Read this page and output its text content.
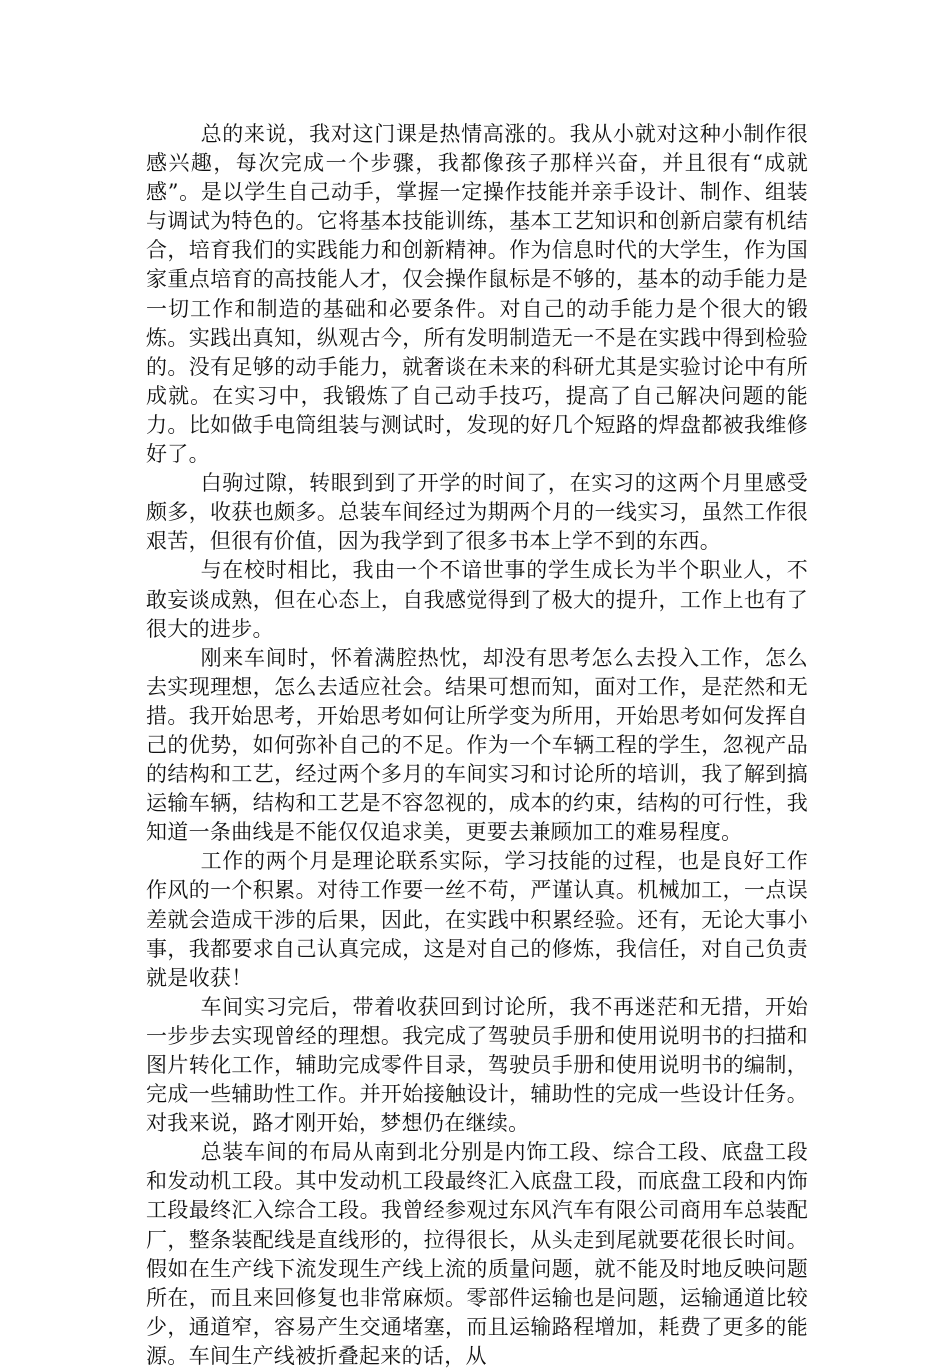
总的来说，我对这门课是热情高涨的。我从小就对这种小制作很感兴趣，每次完成一个步骤，我都像孩子那样兴奋，并且很有“成就感”。是以学生自己动手，掌握一定操作技能并亲手设计、制作、组装与调试为特色的。它将基本技能训练，基本工艺知识和创新启蒙有机结合，培育我们的实践能力和创新精神。作为信息时代的大学生，作为国家重点培育的高技能人才，仅会操作鼠标是不够的，基本的动手能力是一切工作和制造的基础和必要条件。对自己的动手能力是个很大的锻炼。实践出真知，纵观古今，所有发明制造无一不是在实践中得到检验的。没有足够的动手能力，就奢谈在未来的科研尤其是实验讨论中有所成就。在实习中，我锻炼了自己动手技巧，提高了自己解决问题的能力。比如做手电筒组装与测试时，发现的好几个短路的焊盘都被我维修好了。

白驹过隙，转眼到到了开学的时间了，在实习的这两个月里感受颇多，收获也颇多。总装车间经过为期两个月的一线实习，虽然工作很艰苦，但很有价值，因为我学到了很多书本上学不到的东西。

与在校时相比，我由一个不谙世事的学生成长为半个职业人，不敢妄谈成熟，但在心态上，自我感觉得到了极大的提升，工作上也有了很大的进步。

刚来车间时，怀着满腔热忱，却没有思考怎么去投入工作，怎么去实现理想，怎么去适应社会。结果可想而知，面对工作，是茫然和无措。我开始思考，开始思考如何让所学变为所用，开始思考如何发挥自己的优势，如何弥补自己的不足。作为一个车辆工程的学生，忽视产品的结构和工艺，经过两个多月的车间实习和讨论所的培训，我了解到搞运输车辆，结构和工艺是不容忽视的，成本的约束，结构的可行性，我知道一条曲线是不能仅仅追求美，更要去兼顾加工的难易程度。

工作的两个月是理论联系实际，学习技能的过程，也是良好工作作风的一个积累。对待工作要一丝不苟，严谨认真。机械加工，一点误差就会造成干涉的后果，因此，在实践中积累经验。还有，无论大事小事，我都要求自己认真完成，这是对自己的修炼，我信任，对自己负责就是收获！

车间实习完后，带着收获回到讨论所，我不再迷茫和无措，开始一步步去实现曾经的理想。我完成了驾驶员手册和使用说明书的扫描和图片转化工作，辅助完成零件目录，驾驶员手册和使用说明书的编制，完成一些辅助性工作。并开始接触设计，辅助性的完成一些设计任务。对我来说，路才刚开始，梦想仍在继续。

总装车间的布局从南到北分别是内饰工段、综合工段、底盘工段和发动机工段。其中发动机工段最终汇入底盘工段，而底盘工段和内饰工段最终汇入综合工段。我曾经参观过东风汽车有限公司商用车总装配厂，整条装配线是直线形的，拉得很长，从头走到尾就要花很长时间。假如在生产线下流发现生产线上流的质量问题，就不能及时地反映问题所在，而且来回修复也非常麻烦。零部件运输也是问题，运输通道比较少，通道窄，容易产生交通堵塞，而且运输路程增加，耗费了更多的能源。车间生产线被折叠起来的话，从
